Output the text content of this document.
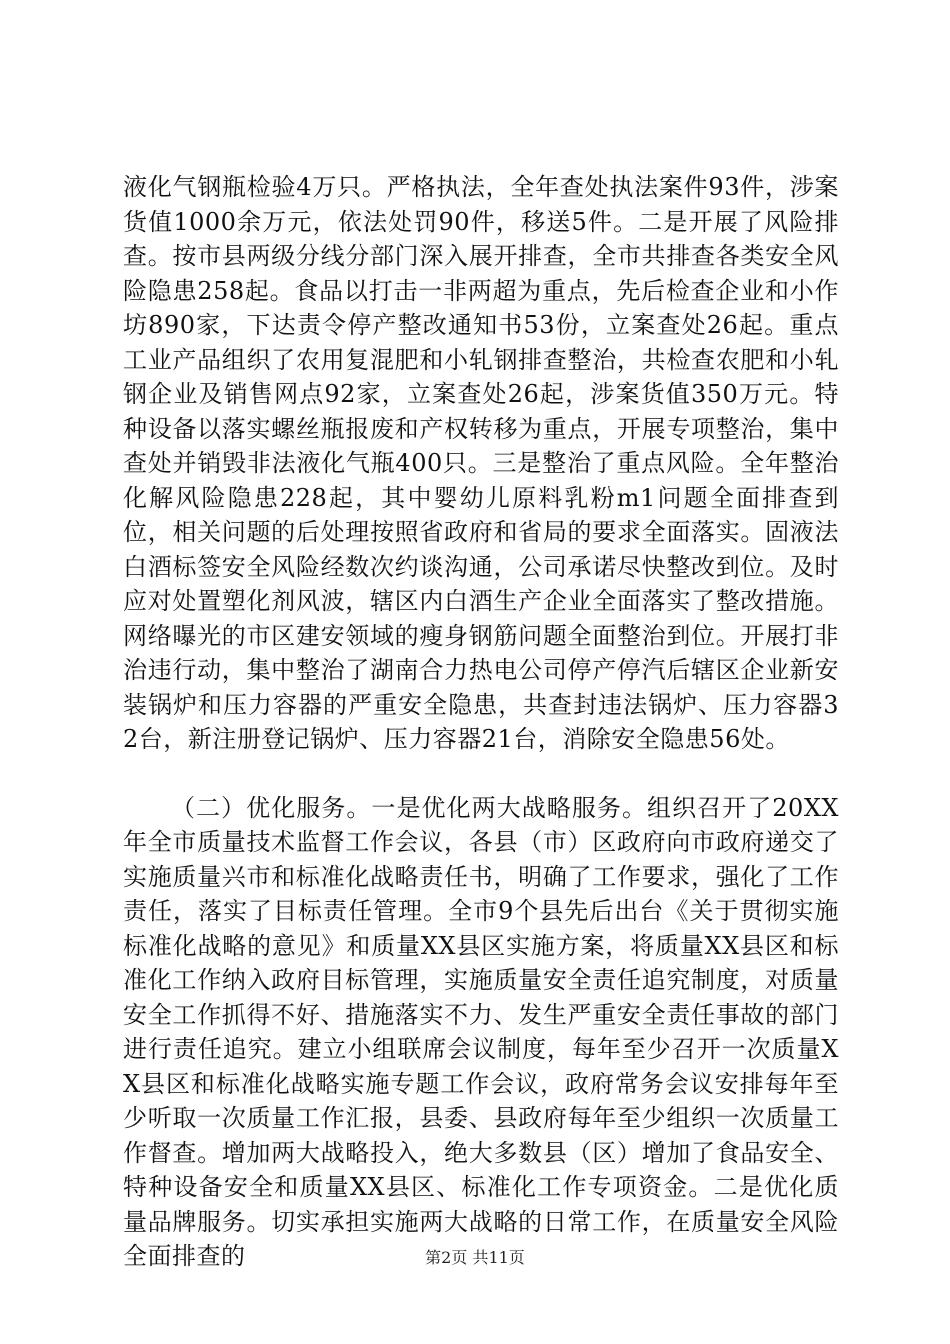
液化气钢瓶检验4万只。严格执法，全年查处执法案件93件，涉案货值1000余万元，依法处罚90件，移送5件。二是开展了风险排查。按市县两级分线分部门深入展开排查，全市共排查各类安全风险隐患258起。食品以打击一非两超为重点，先后检查企业和小作坊890家，下达责令停产整改通知书53份，立案查处26起。重点工业产品组织了农用复混肥和小轧钢排查整治，共检查农肥和小轧钢企业及销售网点92家，立案查处26起，涉案货值350万元。特种设备以落实螺丝瓶报废和产权转移为重点，开展专项整治，集中查处并销毁非法液化气瓶400只。三是整治了重点风险。全年整治化解风险隐患228起，其中婴幼儿原料乳粉m1问题全面排查到位，相关问题的后处理按照省政府和省局的要求全面落实。固液法白酒标签安全风险经数次约谈沟通，公司承诺尽快整改到位。及时应对处置塑化剂风波，辖区内白酒生产企业全面落实了整改措施。网络曝光的市区建安领域的瘦身钢筋问题全面整治到位。开展打非治违行动，集中整治了湖南合力热电公司停产停汽后辖区企业新安装锅炉和压力容器的严重安全隐患，共查封违法锅炉、压力容器32台，新注册登记锅炉、压力容器21台，消除安全隐患56处。

（二）优化服务。一是优化两大战略服务。组织召开了20XX年全市质量技术监督工作会议，各县（市）区政府向市政府递交了实施质量兴市和标准化战略责任书，明确了工作要求，强化了工作责任，落实了目标责任管理。全市9个县先后出台《关于贯彻实施标准化战略的意见》和质量XX县区实施方案，将质量XX县区和标准化工作纳入政府目标管理，实施质量安全责任追究制度，对质量安全工作抓得不好、措施落实不力、发生严重安全责任事故的部门进行责任追究。建立小组联席会议制度，每年至少召开一次质量XX县区和标准化战略实施专题工作会议，政府常务会议安排每年至少听取一次质量工作汇报，县委、县政府每年至少组织一次质量工作督查。增加两大战略投入，绝大多数县（区）增加了食品安全、特种设备安全和质量XX县区、标准化工作专项资金。二是优化质量品牌服务。切实承担实施两大战略的日常工作，在质量安全风险全面排查的	第2页 共11页
